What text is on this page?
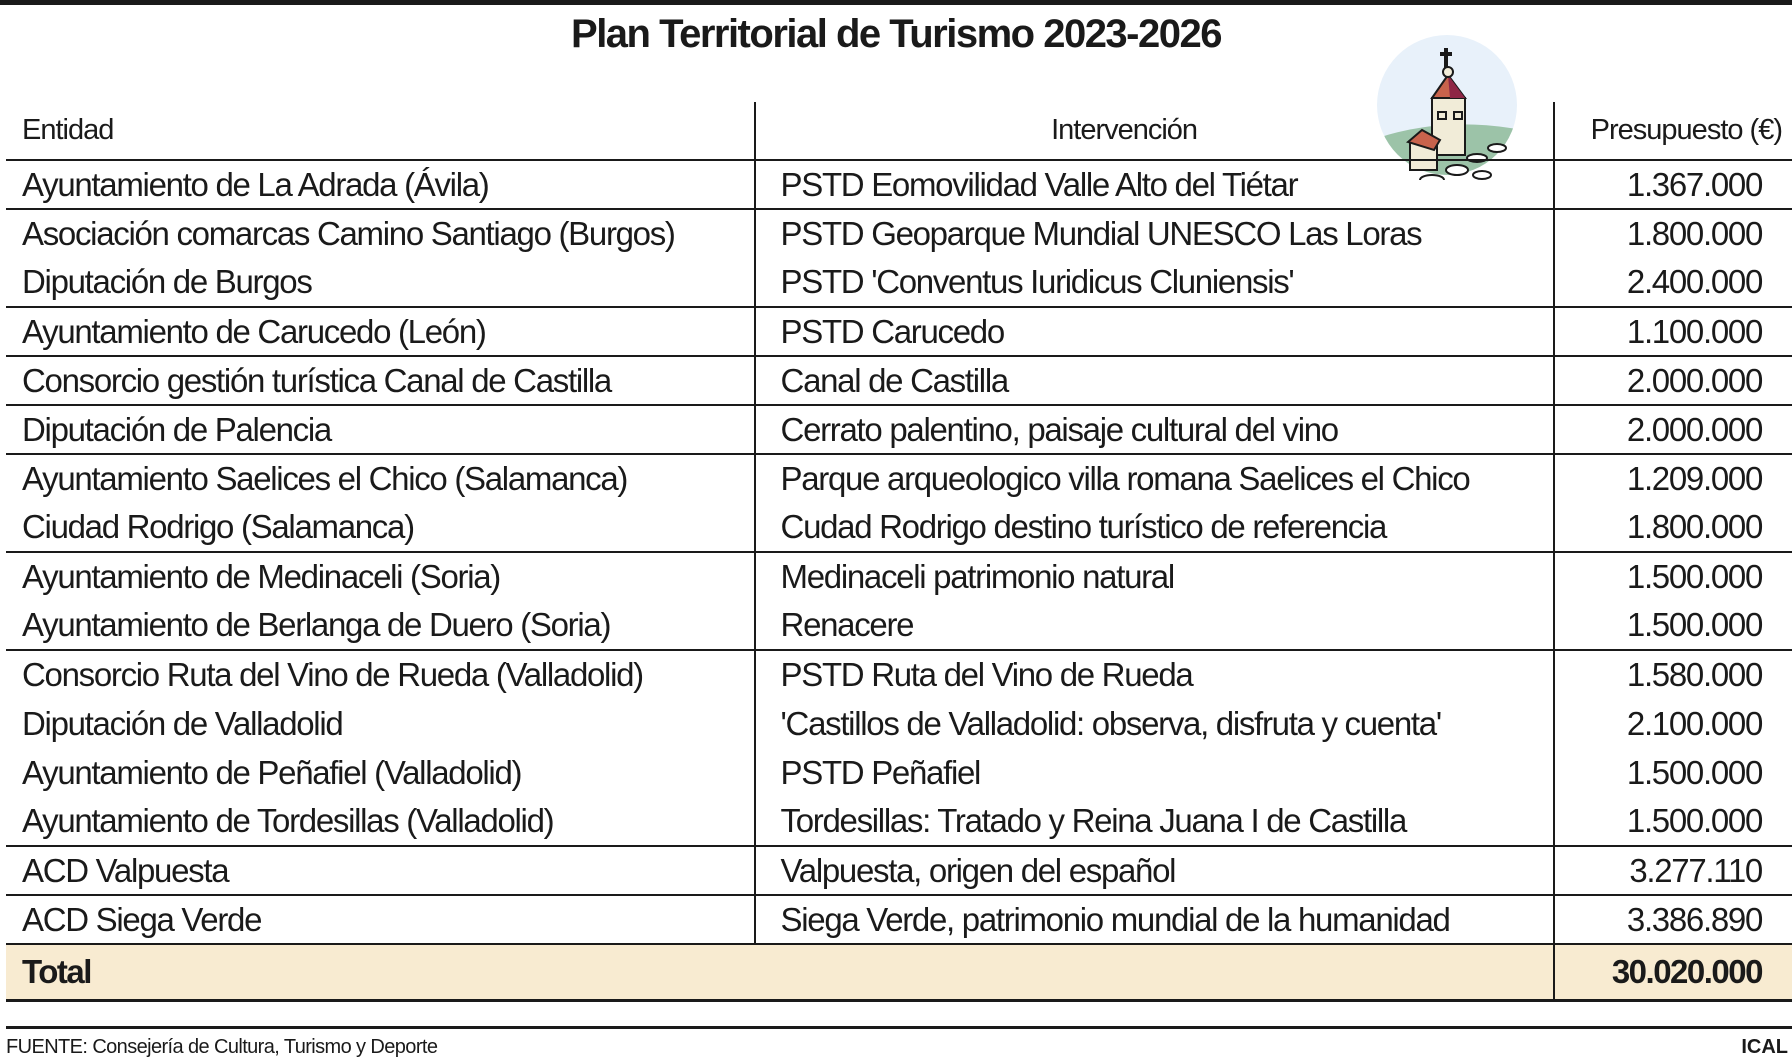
Plan Territorial de Turismo 2023-2026
Entidad	Intervención	Presupuesto (€)
Ayuntamiento de La Adrada (Ávila)	PSTD Eomovilidad Valle Alto del Tiétar	1.367.000
Asociación comarcas Camino Santiago (Burgos)	PSTD Geoparque Mundial UNESCO Las Loras	1.800.000
Diputación de Burgos	PSTD 'Conventus Iuridicus Cluniensis'	2.400.000
Ayuntamiento de Carucedo (León)	PSTD Carucedo	1.100.000
Consorcio gestión turística Canal de Castilla	Canal de Castilla	2.000.000
Diputación de Palencia	Cerrato palentino, paisaje cultural del vino	2.000.000
Ayuntamiento Saelices el Chico (Salamanca)	Parque arqueologico villa romana Saelices el Chico	1.209.000
Ciudad Rodrigo (Salamanca)	Cudad Rodrigo destino turístico de referencia	1.800.000
Ayuntamiento de Medinaceli (Soria)	Medinaceli patrimonio natural	1.500.000
Ayuntamiento de Berlanga de Duero (Soria)	Renacere	1.500.000
Consorcio Ruta del Vino de Rueda (Valladolid)	PSTD Ruta del Vino de Rueda	1.580.000
Diputación de Valladolid	'Castillos de Valladolid: observa, disfruta y cuenta'	2.100.000
Ayuntamiento de Peñafiel (Valladolid)	PSTD Peñafiel	1.500.000
Ayuntamiento de Tordesillas (Valladolid)	Tordesillas: Tratado y Reina Juana I de Castilla	1.500.000
ACD Valpuesta	Valpuesta, origen del español	3.277.110
ACD Siega Verde	Siega Verde, patrimonio mundial de la humanidad	3.386.890
Total		30.020.000
FUENTE: Consejería de Cultura, Turismo y Deporte	ICAL
